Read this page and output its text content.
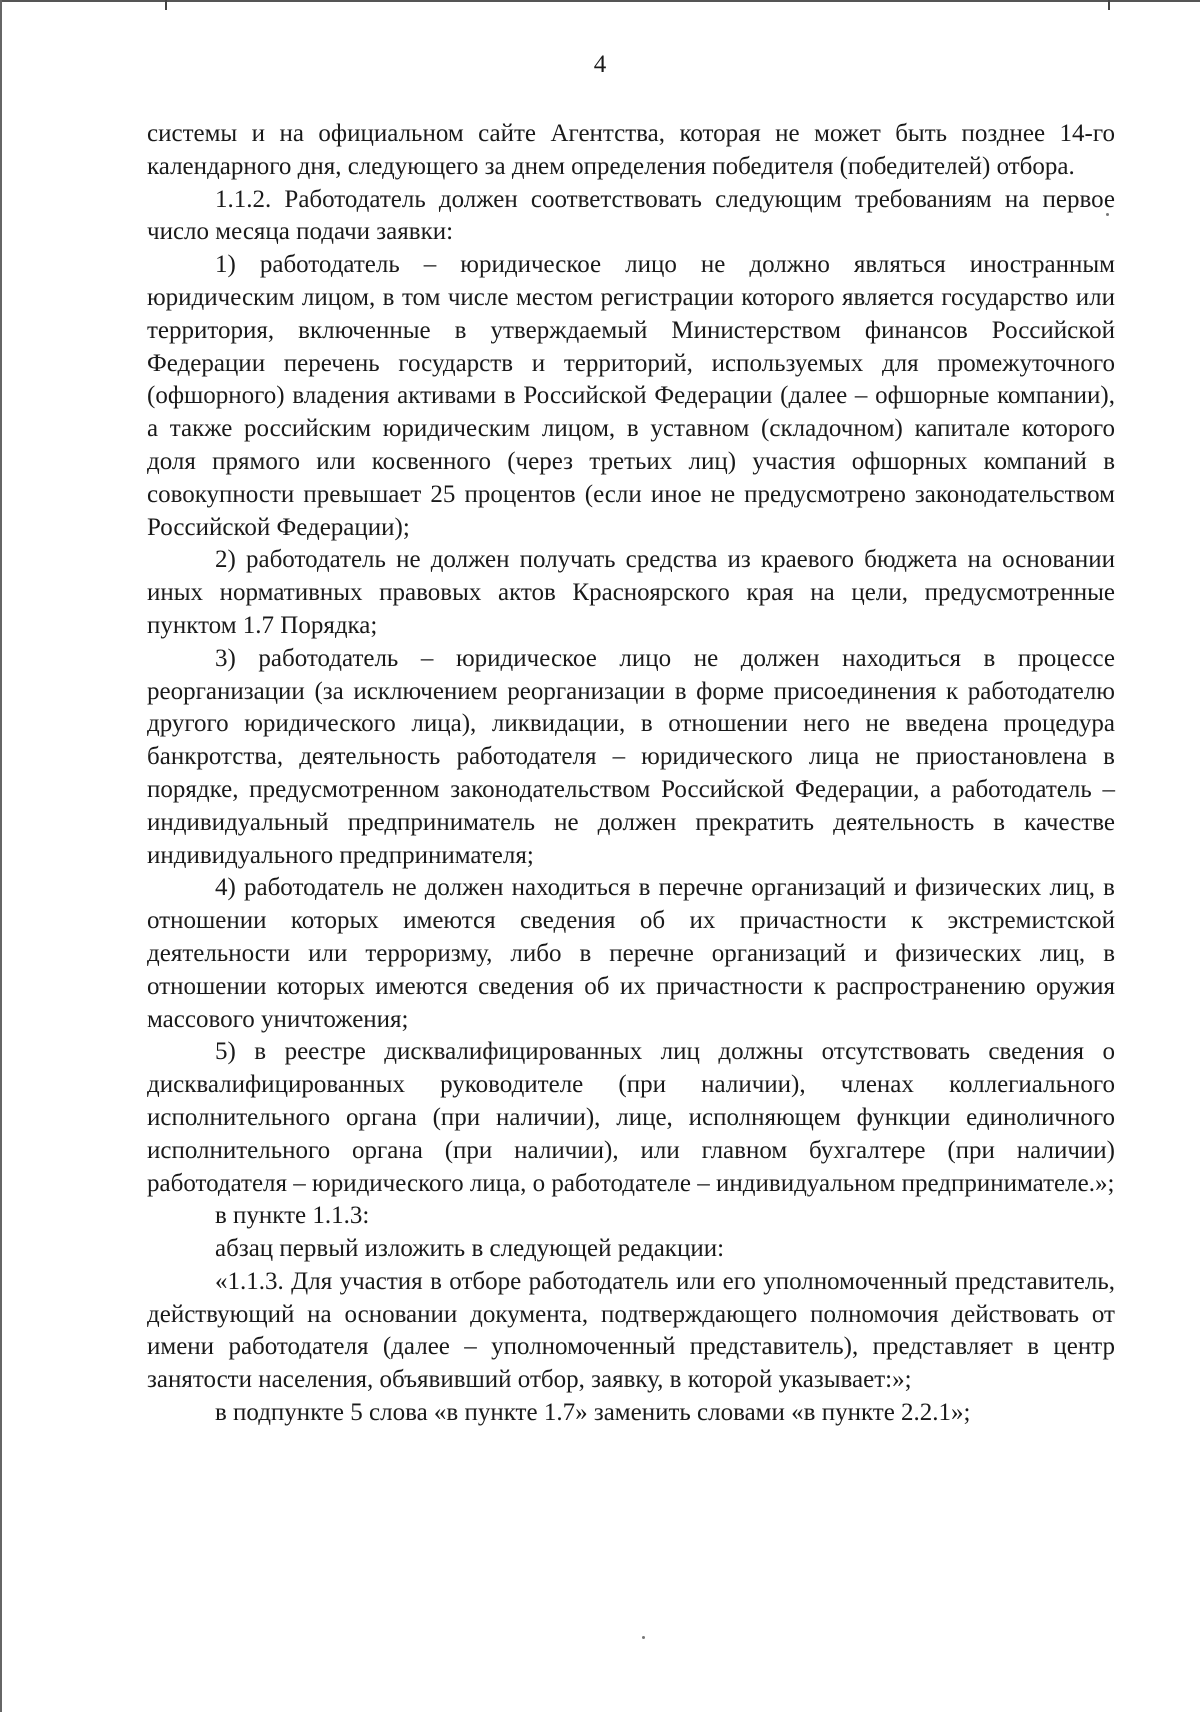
4

системы и на официальном сайте Агентства, которая не может быть позднее 14-го календарного дня, следующего за днем определения победителя (победителей) отбора.

1.1.2. Работодатель должен соответствовать следующим требованиям на первое число месяца подачи заявки:

1) работодатель – юридическое лицо не должно являться иностранным юридическим лицом, в том числе местом регистрации которого является государство или территория, включенные в утверждаемый Министерством финансов Российской Федерации перечень государств и территорий, используемых для промежуточного (офшорного) владения активами в Российской Федерации (далее – офшорные компании), а также российским юридическим лицом, в уставном (складочном) капитале которого доля прямого или косвенного (через третьих лиц) участия офшорных компаний в совокупности превышает 25 процентов (если иное не предусмотрено законодательством Российской Федерации);

2) работодатель не должен получать средства из краевого бюджета на основании иных нормативных правовых актов Красноярского края на цели, предусмотренные пунктом 1.7 Порядка;

3) работодатель – юридическое лицо не должен находиться в процессе реорганизации (за исключением реорганизации в форме присоединения к работодателю другого юридического лица), ликвидации, в отношении него не введена процедура банкротства, деятельность работодателя – юридического лица не приостановлена в порядке, предусмотренном законодательством Российской Федерации, а работодатель – индивидуальный предприниматель не должен прекратить деятельность в качестве индивидуального предпринимателя;

4) работодатель не должен находиться в перечне организаций и физических лиц, в отношении которых имеются сведения об их причастности к экстремистской деятельности или терроризму, либо в перечне организаций и физических лиц, в отношении которых имеются сведения об их причастности к распространению оружия массового уничтожения;

5) в реестре дисквалифицированных лиц должны отсутствовать сведения о дисквалифицированных руководителе (при наличии), членах коллегиального исполнительного органа (при наличии), лице, исполняющем функции единоличного исполнительного органа (при наличии), или главном бухгалтере (при наличии) работодателя – юридического лица, о работодателе – индивидуальном предпринимателе.»;

в пункте 1.1.3:

абзац первый изложить в следующей редакции:

«1.1.3. Для участия в отборе работодатель или его уполномоченный представитель, действующий на основании документа, подтверждающего полномочия действовать от имени работодателя (далее – уполномоченный представитель), представляет в центр занятости населения, объявивший отбор, заявку, в которой указывает:»;

в подпункте 5 слова «в пункте 1.7» заменить словами «в пункте 2.2.1»;
